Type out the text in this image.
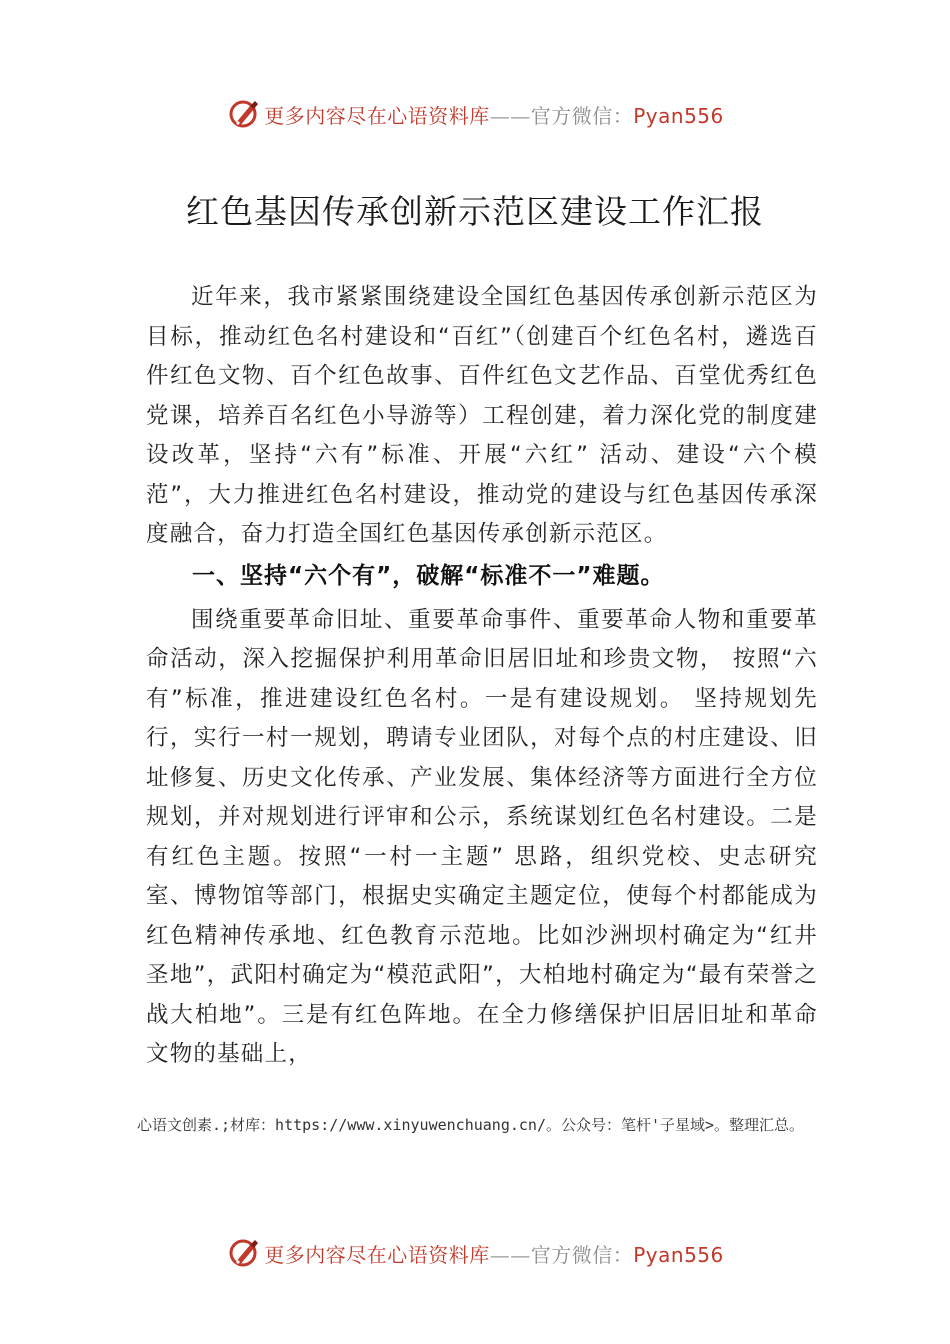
更多内容尽在心语资料库——官方微信：Pyan556
红色基因传承创新示范区建设工作汇报

近年来，我市紧紧围绕建设全国红色基因传承创新示范区为目标，推动红色名村建设和“百红”（创建百个红色名村，遴选百件红色文物、百个红色故事、百件红色文艺作品、百堂优秀红色党课，培养百名红色小导游等）工程创建，着力深化党的制度建设改革，坚持“六有”标准、开展“六红” 活动、建设“六个模范”，大力推进红色名村建设，推动党的建设与红色基因传承深度融合，奋力打造全国红色基因传承创新示范区。

一、坚持“六个有”，破解“标准不一”难题。

围绕重要革命旧址、重要革命事件、重要革命人物和重要革命活动，深入挖掘保护利用革命旧居旧址和珍贵文物， 按照“六有”标准，推进建设红色名村。一是有建设规划。 坚持规划先行，实行一村一规划，聘请专业团队，对每个点的村庄建设、旧址修复、历史文化传承、产业发展、集体经济等方面进行全方位规划，并对规划进行评审和公示，系统谋划红色名村建设。二是有红色主题。按照“一村一主题” 思路，组织党校、史志研究室、博物馆等部门，根据史实确定主题定位，使每个村都能成为红色精神传承地、红色教育示范地。比如沙洲坝村确定为“红井圣地”，武阳村确定为“模范武阳”，大柏地村确定为“最有荣誉之战大柏地”。三是有红色阵地。在全力修缮保护旧居旧址和革命文物的基础上，

心语文创素.;材库：https://www.xinyuwenchuang.cn/。公众号：笔杆'子星域>。整理汇总。
更多内容尽在心语资料库——官方微信：Pyan556
